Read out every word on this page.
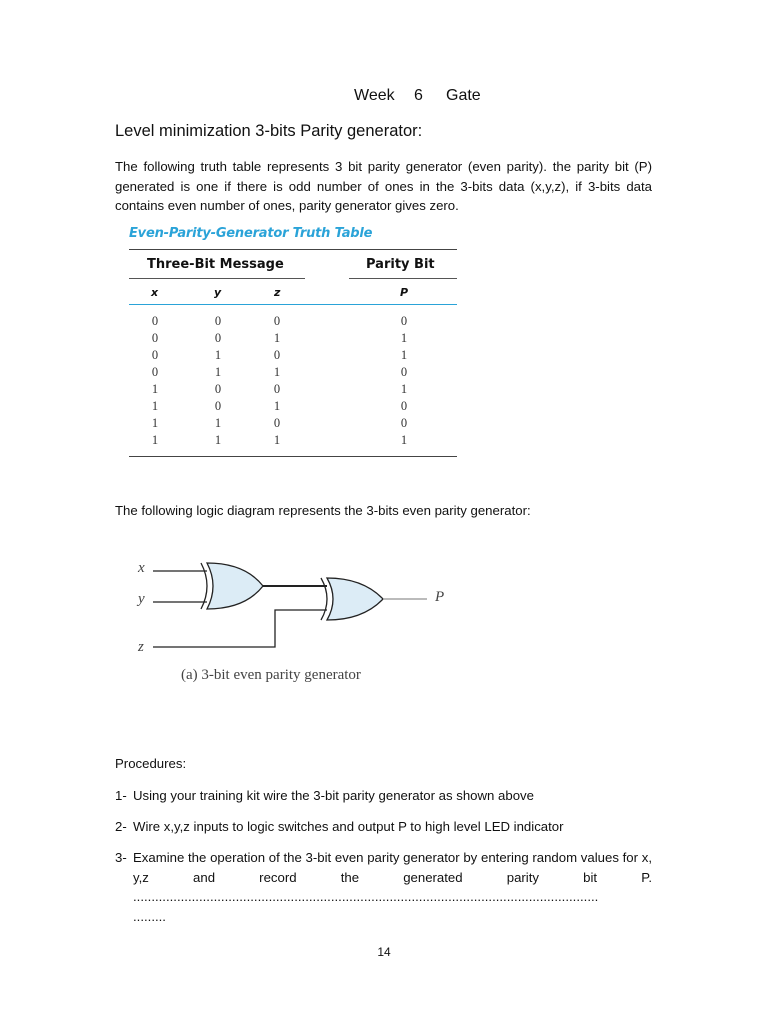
Week 6 Gate
Level minimization 3-bits Parity generator:
The following truth table represents 3 bit parity generator (even parity). the parity bit (P) generated is one if there is odd number of ones in the 3-bits data (x,y,z), if 3-bits data contains even number of ones, parity generator gives zero.
Even-Parity-Generator Truth Table
Three-Bit Message	Parity Bit
x	y	z	P
0	0	0	0
0	0	1	1
0	1	0	1
0	1	1	0
1	0	0	1
1	0	1	0
1	1	0	0
1	1	1	1
The following logic diagram represents the 3-bits even parity generator:
x
y
z
P
(a) 3-bit even parity generator
Procedures:
1- Using your training kit wire the 3-bit parity generator as shown above
2- Wire x,y,z inputs to logic switches and output P to high level LED indicator
3- Examine the operation of the 3-bit even parity generator by entering random values for x,y,z and record the generated parity bit P. ...............................................................................................................................
.........
14
